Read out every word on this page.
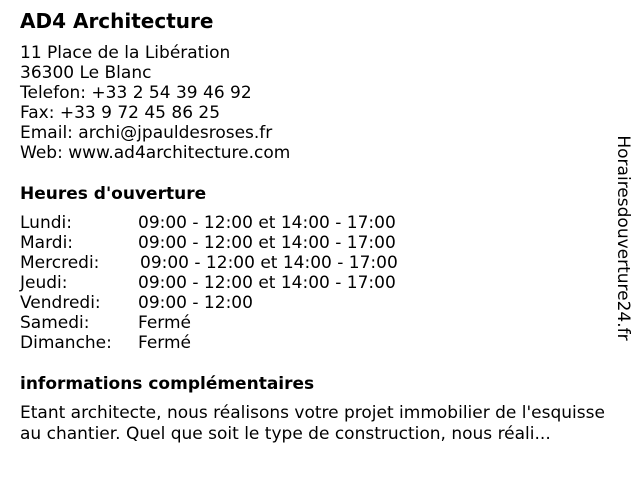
AD4 Architecture
11 Place de la Libération
36300 Le Blanc
Telefon: +33 2 54 39 46 92
Fax: +33 9 72 45 86 25
Email: archi@jpauldesroses.fr
Web: www.ad4architecture.com
Heures d'ouverture
Lundi:	09:00 - 12:00 et 14:00 - 17:00
Mardi:	09:00 - 12:00 et 14:00 - 17:00
Mercredi: 09:00 - 12:00 et 14:00 - 17:00
Jeudi:	09:00 - 12:00 et 14:00 - 17:00
Vendredi: 09:00 - 12:00
Samedi:	Fermé
Dimanche: Fermé
informations complémentaires
Etant architecte, nous réalisons votre projet immobilier de l'esquisse au chantier. Quel que soit le type de construction, nous réali...
Horairesdouverture24.fr
